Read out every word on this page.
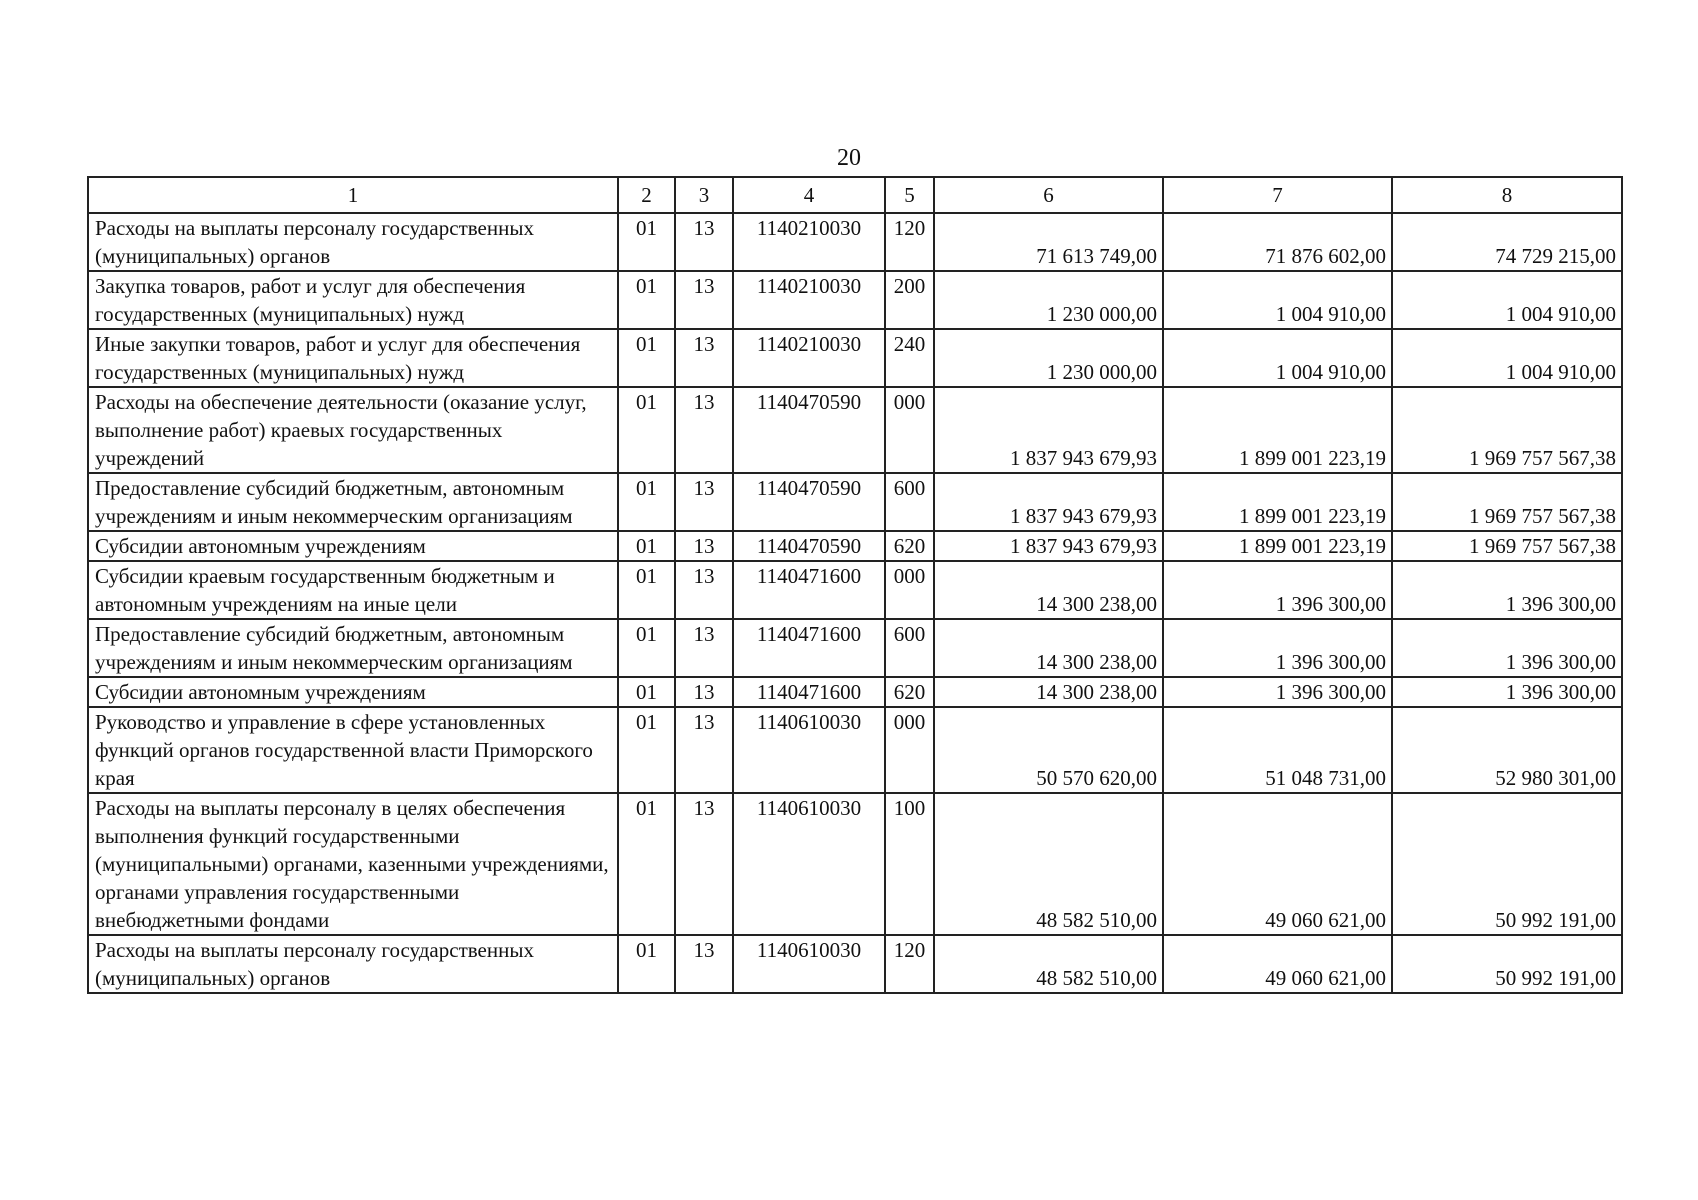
20
1	2	3	4	5	6	7	8
Расходы на выплаты персоналу государственных (муниципальных) органов	01	13	1140210030	120	71 613 749,00	71 876 602,00	74 729 215,00
Закупка товаров, работ и услуг для обеспечения государственных (муниципальных) нужд	01	13	1140210030	200	1 230 000,00	1 004 910,00	1 004 910,00
Иные закупки товаров, работ и услуг для обеспечения государственных (муниципальных) нужд	01	13	1140210030	240	1 230 000,00	1 004 910,00	1 004 910,00
Расходы на обеспечение деятельности (оказание услуг, выполнение работ) краевых государственных учреждений	01	13	1140470590	000	1 837 943 679,93	1 899 001 223,19	1 969 757 567,38
Предоставление субсидий бюджетным, автономным учреждениям и иным некоммерческим организациям	01	13	1140470590	600	1 837 943 679,93	1 899 001 223,19	1 969 757 567,38
Субсидии автономным учреждениям	01	13	1140470590	620	1 837 943 679,93	1 899 001 223,19	1 969 757 567,38
Субсидии краевым государственным бюджетным и автономным учреждениям на иные цели	01	13	1140471600	000	14 300 238,00	1 396 300,00	1 396 300,00
Предоставление субсидий бюджетным, автономным учреждениям и иным некоммерческим организациям	01	13	1140471600	600	14 300 238,00	1 396 300,00	1 396 300,00
Субсидии автономным учреждениям	01	13	1140471600	620	14 300 238,00	1 396 300,00	1 396 300,00
Руководство и управление в сфере установленных функций органов государственной власти Приморского края	01	13	1140610030	000	50 570 620,00	51 048 731,00	52 980 301,00
Расходы на выплаты персоналу в целях обеспечения выполнения функций государственными (муниципальными) органами, казенными учреждениями, органами управления государственными внебюджетными фондами	01	13	1140610030	100	48 582 510,00	49 060 621,00	50 992 191,00
Расходы на выплаты персоналу государственных (муниципальных) органов	01	13	1140610030	120	48 582 510,00	49 060 621,00	50 992 191,00
